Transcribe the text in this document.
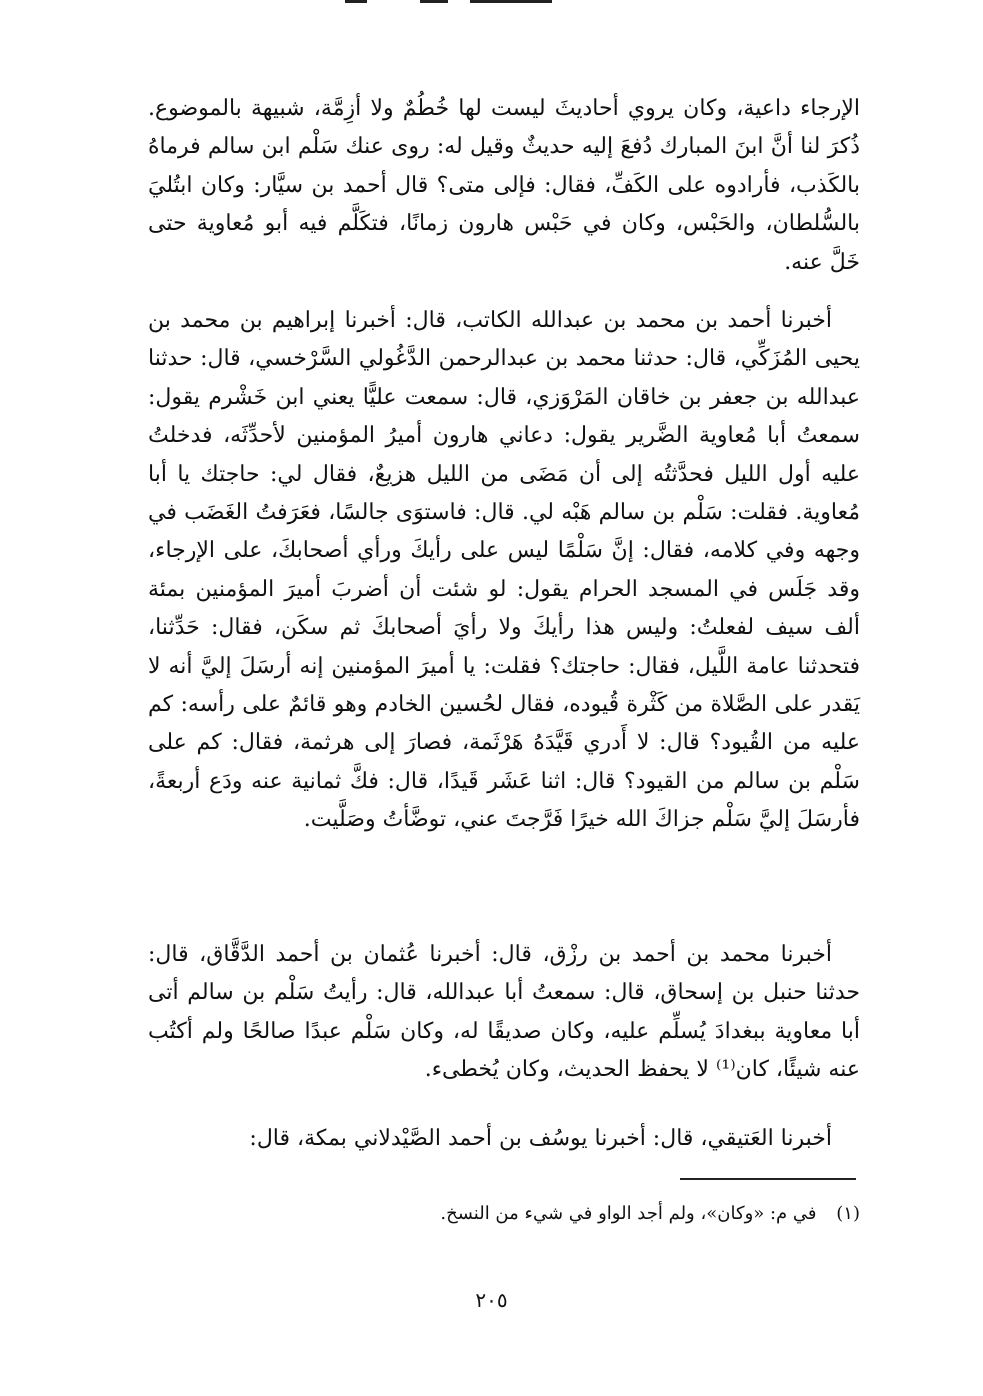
الإرجاء داعية، وكان يروي أحاديثَ ليست لها خُطُمٌ ولا أزِمَّة، شبيهة بالموضوع. ذُكرَ لنا أنَّ ابنَ المبارك دُفعَ إليه حديثٌ وقيل له: روى عنك سَلْم ابن سالم فرماهُ بالكَذب، فأرادوه على الكَفِّ، فقال: فإلى متى؟ قال أحمد بن سيَّار: وكان ابتُليَ بالسُّلطان، والحَبْس، وكان في حَبْس هارون زمانًا، فتكَلَّم فيه أبو مُعاوية حتى خَلَّ عنه.

أخبرنا أحمد بن محمد بن عبدالله الكاتب، قال: أخبرنا إبراهيم بن محمد بن يحيى المُزَكِّي، قال: حدثنا محمد بن عبدالرحمن الدَّغُولي السَّرْخسي، قال: حدثنا عبدالله بن جعفر بن خاقان المَرْوَزي، قال: سمعت عليًّا يعني ابن خَشْرم يقول: سمعتُ أبا مُعاوية الضَّرير يقول: دعاني هارون أميرُ المؤمنين لأحدِّثَه، فدخلتُ عليه أول الليل فحدَّثتُه إلى أن مَضَى من الليل هزيعٌ، فقال لي: حاجتك يا أبا مُعاوية. فقلت: سَلْم بن سالم هَبْه لي. قال: فاستوَى جالسًا، فعَرَفتُ الغَضَب في وجهه وفي كلامه، فقال: إنَّ سَلْمًا ليس على رأيكَ ورأي أصحابكَ، على الإرجاء، وقد جَلَس في المسجد الحرام يقول: لو شئت أن أضربَ أميرَ المؤمنين بمئة ألف سيف لفعلتُ: وليس هذا رأيكَ ولا رأيَ أصحابكَ ثم سكَن، فقال: حَدِّثنا، فتحدثنا عامة اللَّيل، فقال: حاجتك؟ فقلت: يا أميرَ المؤمنين إنه أرسَلَ إليَّ أنه لا يَقدر على الصَّلاة من كَثْرة قُيوده، فقال لحُسين الخادم وهو قائمٌ على رأسه: كم عليه من القُيود؟ قال: لا أَدري قَيَّدَهُ هَرْثَمة، فصارَ إلى هرثمة، فقال: كم على سَلْم بن سالم من القيود؟ قال: اثنا عَشَر قَيدًا، قال: فكَّ ثمانية عنه ودَع أربعةً، فأرسَلَ إليَّ سَلْم جزاكَ الله خيرًا فَرَّجتَ عني، توضَّأتُ وصَلَّيت.

أخبرنا محمد بن أحمد بن رزْق، قال: أخبرنا عُثمان بن أحمد الدَّقَّاق، قال: حدثنا حنبل بن إسحاق، قال: سمعتُ أبا عبدالله، قال: رأيتُ سَلْم بن سالم أتى أبا معاوية ببغدادَ يُسلِّم عليه، وكان صديقًا له، وكان سَلْم عبدًا صالحًا ولم أكتُب عنه شيئًا، كان⁽¹⁾ لا يحفظ الحديث، وكان يُخطىء.

أخبرنا العَتيقي، قال: أخبرنا يوسُف بن أحمد الصَّيْدلاني بمكة، قال:

(١) في م: «وكان»، ولم أجد الواو في شيء من النسخ.
٢٠٥
